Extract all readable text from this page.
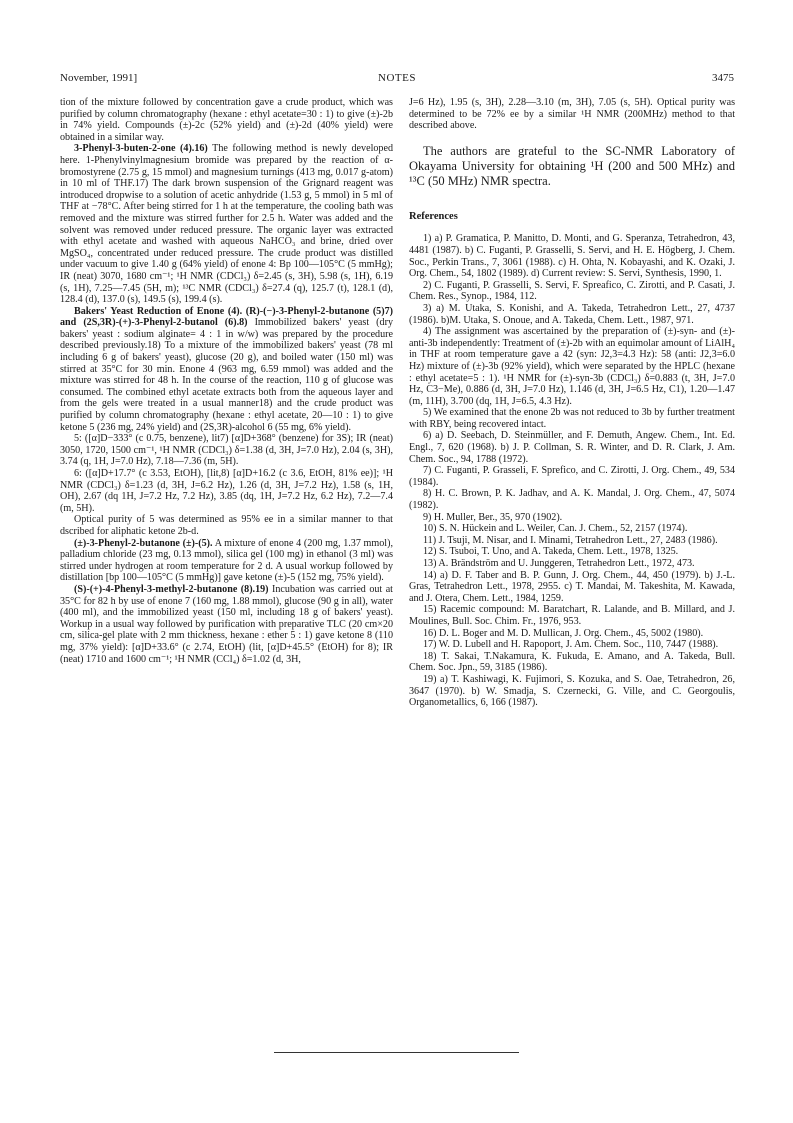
November, 1991]	NOTES	3475

tion of the mixture followed by concentration gave a crude product, which was purified by column chromatography (hexane : ethyl acetate=30 : 1) to give (±)-2b in 74% yield. Compounds (±)-2c (52% yield) and (±)-2d (40% yield) were obtained in a similar way.

3-Phenyl-3-buten-2-one (4).16) The following method is newly developed here. 1-Phenylvinylmagnesium bromide was prepared by the reaction of α-bromostyrene (2.75 g, 15 mmol) and magnesium turnings (413 mg, 0.017 g-atom) in 10 ml of THF.17) The dark brown suspension of the Grignard reagent was introduced dropwise to a solution of acetic anhydride (1.53 g, 5 mmol) in 5 ml of THF at −78°C. After being stirred for 1 h at the temperature, the cooling bath was removed and the mixture was stirred further for 2.5 h. Water was added and the solvent was removed under reduced pressure. The organic layer was extracted with ethyl acetate and washed with aqueous NaHCO₃ and brine, dried over MgSO₄, concentrated under reduced pressure. The crude product was distilled under vacuum to give 1.40 g (64% yield) of enone 4: Bp 100—105°C (5 mmHg); IR (neat) 3070, 1680 cm⁻¹; ¹H NMR (CDCl₃) δ=2.45 (s, 3H), 5.98 (s, 1H), 6.19 (s, 1H), 7.25—7.45 (5H, m); ¹³C NMR (CDCl₃) δ=27.4 (q), 125.7 (t), 128.1 (d), 128.4 (d), 137.0 (s), 149.5 (s), 199.4 (s).

Bakers' Yeast Reduction of Enone (4). (R)-(−)-3-Phenyl-2-butanone (5)7) and (2S,3R)-(+)-3-Phenyl-2-butanol (6).8) Immobilized bakers' yeast (dry bakers' yeast : sodium alginate= 4 : 1 in w/w) was prepared by the procedure described previously.18) To a mixture of the immobilized bakers' yeast (78 ml including 6 g of bakers' yeast), glucose (20 g), and boiled water (150 ml) was stirred at 35°C for 30 min. Enone 4 (963 mg, 6.59 mmol) was added and the mixture was stirred for 48 h. In the course of the reaction, 110 g of glucose was consumed. The combined ethyl acetate extracts both from the aqueous layer and from the gels were treated in a usual manner18) and the crude product was purified by column chromatography (hexane : ethyl acetate, 20—10 : 1) to give ketone 5 (236 mg, 24% yield) and (2S,3R)-alcohol 6 (55 mg, 6% yield).

5: ([α]D−333° (c 0.75, benzene), lit7) [α]D+368° (benzene) for 3S); IR (neat) 3050, 1720, 1500 cm⁻¹, ¹H NMR (CDCl₃) δ=1.38 (d, 3H, J=7.0 Hz), 2.04 (s, 3H), 3.74 (q, 1H, J=7.0 Hz), 7.18—7.36 (m, 5H).

6: ([α]D+17.7° (c 3.53, EtOH), [lit,8) [α]D+16.2 (c 3.6, EtOH, 81% ee)]; ¹H NMR (CDCl₃) δ=1.23 (d, 3H, J=6.2 Hz), 1.26 (d, 3H, J=7.2 Hz), 1.58 (s, 1H, OH), 2.67 (dq 1H, J=7.2 Hz, 7.2 Hz), 3.85 (dq, 1H, J=7.2 Hz, 6.2 Hz), 7.2—7.4 (m, 5H).

Optical purity of 5 was determined as 95% ee in a similar manner to that dscribed for aliphatic ketone 2b-d.

(±)-3-Phenyl-2-butanone (±)-(5). A mixture of enone 4 (200 mg, 1.37 mmol), palladium chloride (23 mg, 0.13 mmol), silica gel (100 mg) in ethanol (3 ml) was stirred under hydrogen at room temperature for 2 d. A usual workup followed by distillation [bp 100—105°C (5 mmHg)] gave ketone (±)-5 (152 mg, 75% yield).

(S)-(+)-4-Phenyl-3-methyl-2-butanone (8).19) Incubation was carried out at 35°C for 82 h by use of enone 7 (160 mg, 1.88 mmol), glucose (90 g in all), water (400 ml), and the immobilized yeast (150 ml, including 18 g of bakers' yeast). Workup in a usual way followed by purification with preparative TLC (20 cm×20 cm, silica-gel plate with 2 mm thickness, hexane : ether 5 : 1) gave ketone 8 (110 mg, 37% yield): [α]D+33.6° (c 2.74, EtOH) (lit, [α]D+45.5° (EtOH) for 8); IR (neat) 1710 and 1600 cm⁻¹; ¹H NMR (CCl₄) δ=1.02 (d, 3H,

J=6 Hz), 1.95 (s, 3H), 2.28—3.10 (m, 3H), 7.05 (s, 5H). Optical purity was determined to be 72% ee by a similar ¹H NMR (200MHz) method to that described above.

The authors are grateful to the SC-NMR Laboratory of Okayama University for obtaining ¹H (200 and 500 MHz) and ¹³C (50 MHz) NMR spectra.

References

1) a) P. Gramatica, P. Manitto, D. Monti, and G. Speranza, Tetrahedron, 43, 4481 (1987). b) C. Fuganti, P. Grasselli, S. Servi, and H. E. Högberg, J. Chem. Soc., Perkin Trans., 7, 3061 (1988). c) H. Ohta, N. Kobayashi, and K. Ozaki, J. Org. Chem., 54, 1802 (1989). d) Current review: S. Servi, Synthesis, 1990, 1.

2) C. Fuganti, P. Grasselli, S. Servi, F. Spreafico, C. Zirotti, and P. Casati, J. Chem. Res., Synop., 1984, 112.

3) a) M. Utaka, S. Konishi, and A. Takeda, Tetrahedron Lett., 27, 4737 (1986). b)M. Utaka, S. Onoue, and A. Takeda, Chem. Lett., 1987, 971.

4) The assignment was ascertained by the preparation of (±)-syn- and (±)-anti-3b independently: Treatment of (±)-2b with an equimolar amount of LiAlH₄ in THF at room temperature gave a 42 (syn: J2,3=4.3 Hz): 58 (anti: J2,3=6.0 Hz) mixture of (±)-3b (92% yield), which were separated by the HPLC (hexane : ethyl acetate=5 : 1). ¹H NMR for (±)-syn-3b (CDCl₃) δ=0.883 (t, 3H, J=7.0 Hz, C3−Me), 0.886 (d, 3H, J=7.0 Hz), 1.146 (d, 3H, J=6.5 Hz, C1), 1.20—1.47 (m, 11H), 3.700 (dq, 1H, J=6.5, 4.3 Hz).

5) We examined that the enone 2b was not reduced to 3b by further treatment with RBY, being recovered intact.

6) a) D. Seebach, D. Steinmüller, and F. Demuth, Angew. Chem., Int. Ed. Engl., 7, 620 (1968). b) J. P. Collman, S. R. Winter, and D. R. Clark, J. Am. Chem. Soc., 94, 1788 (1972).

7) C. Fuganti, P. Grasseli, F. Sprefico, and C. Zirotti, J. Org. Chem., 49, 534 (1984).

8) H. C. Brown, P. K. Jadhav, and A. K. Mandal, J. Org. Chem., 47, 5074 (1982).

9) H. Muller, Ber., 35, 970 (1902).

10) S. N. Hückein and L. Weiler, Can. J. Chem., 52, 2157 (1974).

11) J. Tsuji, M. Nisar, and I. Minami, Tetrahedron Lett., 27, 2483 (1986).

12) S. Tsuboi, T. Uno, and A. Takeda, Chem. Lett., 1978, 1325.

13) A. Brändström and U. Junggeren, Tetrahedron Lett., 1972, 473.

14) a) D. F. Taber and B. P. Gunn, J. Org. Chem., 44, 450 (1979). b) J.-L. Gras, Tetrahedron Lett., 1978, 2955. c) T. Mandai, M. Takeshita, M. Kawada, and J. Otera, Chem. Lett., 1984, 1259.

15) Racemic compound: M. Baratchart, R. Lalande, and B. Millard, and J. Moulines, Bull. Soc. Chim. Fr., 1976, 953.

16) D. L. Boger and M. D. Mullican, J. Org. Chem., 45, 5002 (1980).

17) W. D. Lubell and H. Rapoport, J. Am. Chem. Soc., 110, 7447 (1988).

18) T. Sakai, T.Nakamura, K. Fukuda, E. Amano, and A. Takeda, Bull. Chem. Soc. Jpn., 59, 3185 (1986).

19) a) T. Kashiwagi, K. Fujimori, S. Kozuka, and S. Oae, Tetrahedron, 26, 3647 (1970). b) W. Smadja, S. Czernecki, G. Ville, and C. Georgoulis, Organometallics, 6, 166 (1987).
